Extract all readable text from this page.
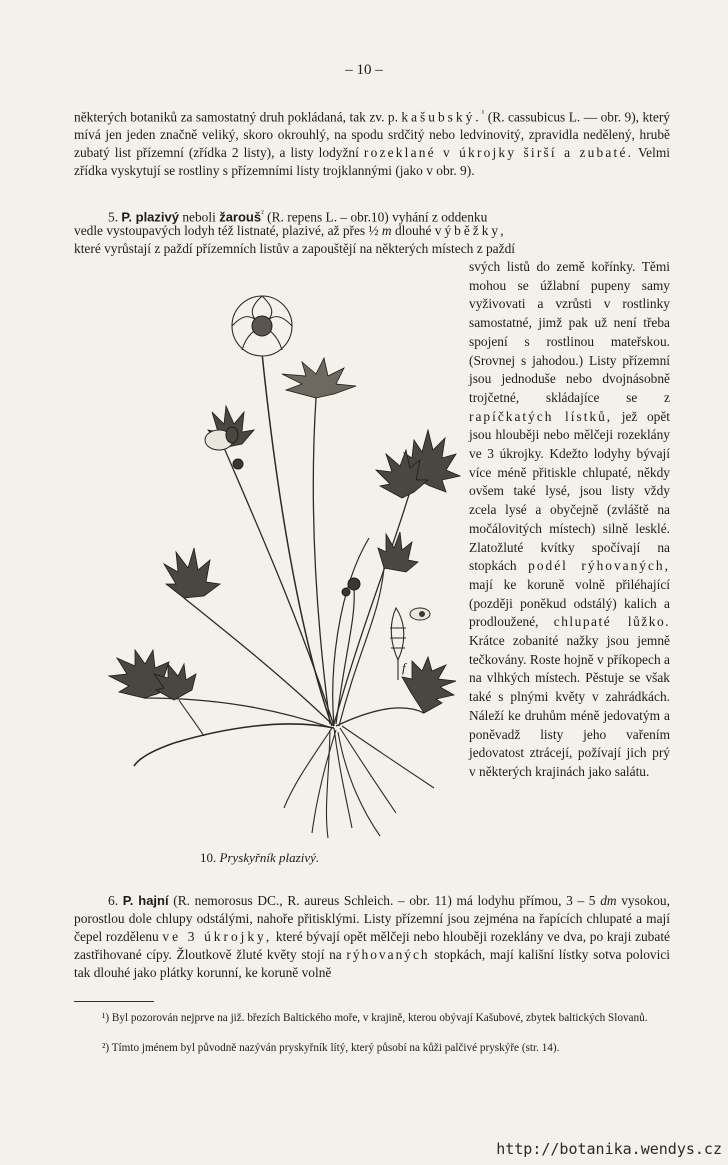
– 10 –

některých botaniků za samostatný druh pokládaná, tak zv. p. kašubský.$^{^1}$ (R. cassubicus L. — obr. 9), který mívá jen jeden značně veliký, skoro okrouhlý, na spodu srdčitý nebo ledvinovitý, zpravidla nedělený, hrubě zubatý list přízemní (zřídka 2 listy), a listy lodyžní rozeklané v úkrojky širší a zubaté. Velmi zřídka vyskytují se rostliny s přízemními listy trojklannými (jako v obr. 9).

5. P. plazivý neboli žarouš$^{^2}$ (R. repens L. – obr.10) vyhání z oddenku

vedle vystoupavých lodyh též listnaté, plazivé, až přes ½ m dlouhé výběžky,

které vyrůstají z paždí přízemních listův a zapouštějí na některých místech z paždí

svých listů do země kořínky. Těmi mohou se úžlabní pupeny samy vyživovati a vzrůsti v rostlinky samostatné, jimž pak už není třeba spojení s rostlinou mateřskou. (Srovnej s jahodou.) Listy přízemní jsou jednoduše nebo dvojnásobně trojčetné, skládajíce se z rapíčkatých lístků, jež opět jsou hlouběji nebo mělčeji rozeklány ve 3 úkrojky. Kdežto lodyhy bývají více méně přitiskle chlupaté, někdy ovšem také lysé, jsou listy vždy zcela lysé a obyčejně (zvláště na močálovitých místech) silně lesklé. Zlatožluté kvítky spočívají na stopkách podél rýhovaných, mají ke koruně volně přiléhající (později poněkud odstálý) kalich a prodloužené, chlupaté lůžko. Krátce zobanité nažky jsou jemně tečkovány. Roste hojně v příkopech a na vlhkých místech. Pěstuje se však také s plnými květy v zahrádkách. Náleží ke druhům méně jedovatým a poněvadž listy jeho vařením jedovatost ztrácejí, požívají jich prý v některých krajinách jako salátu.
f
10. Pryskyřník plazivý.

6. P. hajní (R. nemorosus DC., R. aureus Schleich. – obr. 11) má lodyhu přímou, 3 – 5 dm vysokou, porostlou dole chlupy odstálými, nahoře přitisklými. Listy přízemní jsou zejména na řapících chlupaté a mají čepel rozdělenu ve 3 úkrojky, které bývají opět mělčeji nebo hlouběji rozeklány ve dva, po kraji zubaté zastřihované cípy. Žloutkově žluté květy stojí na rýhovaných stopkách, mají kališní lístky sotva polovici tak dlouhé jako plátky korunní, ke koruně volně

¹) Byl pozorován nejprve na již. březích Baltického moře, v krajině, kterou obývají Kašubové, zbytek baltických Slovanů.
²) Tímto jménem byl původně nazýván pryskyřník lítý, který působí na kůži palčivé pryskýře (str. 14).
http://botanika.wendys.cz
